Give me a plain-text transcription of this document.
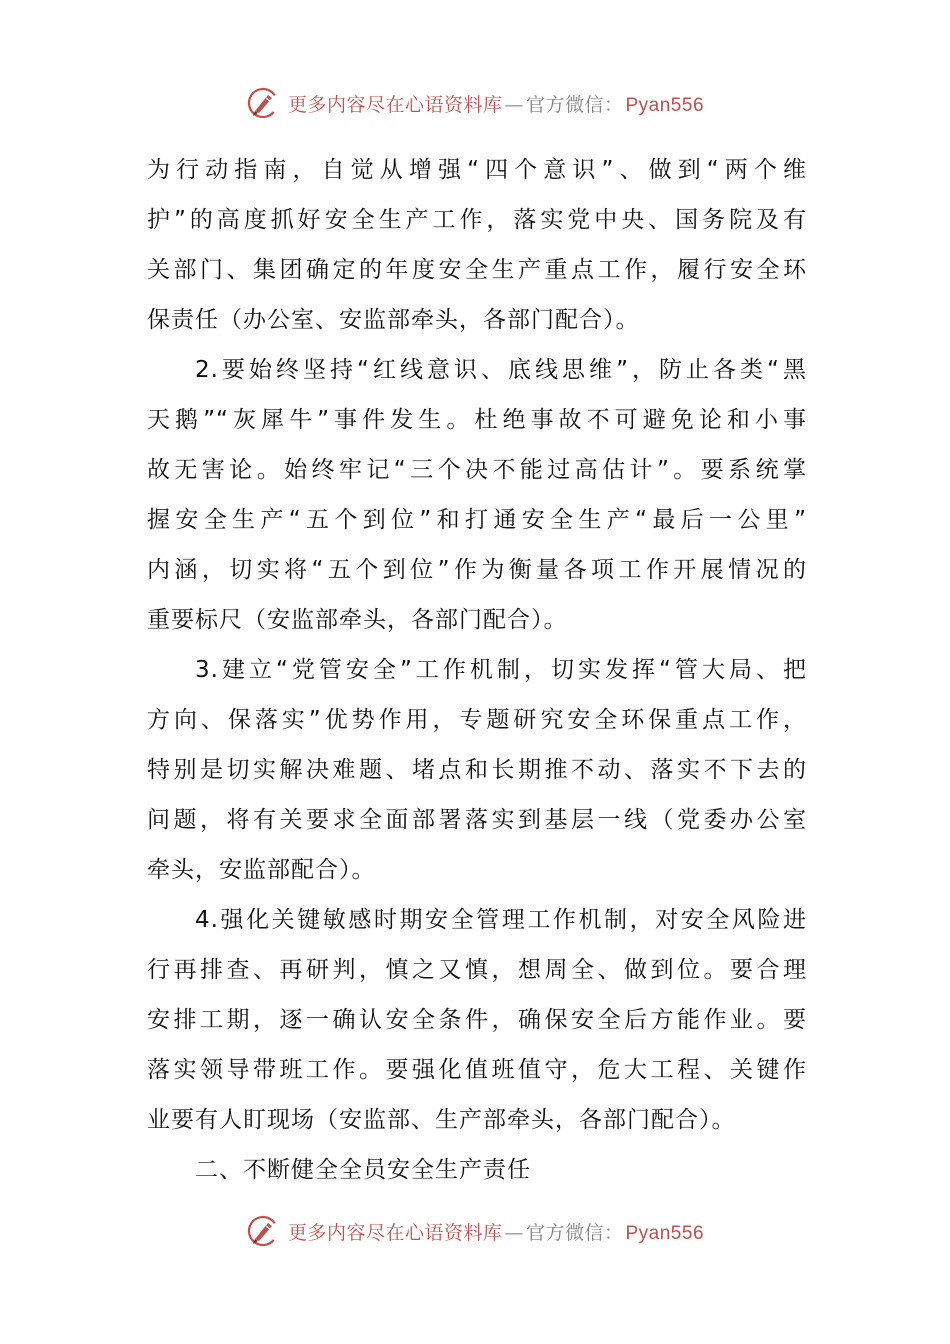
更多内容尽在心语资料库 — 官方微信： Pyan556
为行动指南，自觉从增强“四个意识”、做到“两个维
护”的高度抓好安全生产工作，落实党中央、国务院及有
关部门、集团确定的年度安全生产重点工作，履行安全环
保责任（办公室、安监部牵头，各部门配合）。
2.要始终坚持“红线意识、底线思维”，防止各类“黑
天鹅”“灰犀牛”事件发生。杜绝事故不可避免论和小事
故无害论。始终牢记“三个决不能过高估计”。要系统掌
握安全生产“五个到位”和打通安全生产“最后一公里”
内涵，切实将“五个到位”作为衡量各项工作开展情况的
重要标尺（安监部牵头，各部门配合）。
3.建立“党管安全”工作机制，切实发挥“管大局、把
方向、保落实”优势作用，专题研究安全环保重点工作，
特别是切实解决难题、堵点和长期推不动、落实不下去的
问题，将有关要求全面部署落实到基层一线（党委办公室
牵头，安监部配合）。
4.强化关键敏感时期安全管理工作机制，对安全风险进
行再排查、再研判，慎之又慎，想周全、做到位。要合理
安排工期，逐一确认安全条件，确保安全后方能作业。要
落实领导带班工作。要强化值班值守，危大工程、关键作
业要有人盯现场（安监部、生产部牵头，各部门配合）。
二、不断健全全员安全生产责任
更多内容尽在心语资料库 — 官方微信： Pyan556
